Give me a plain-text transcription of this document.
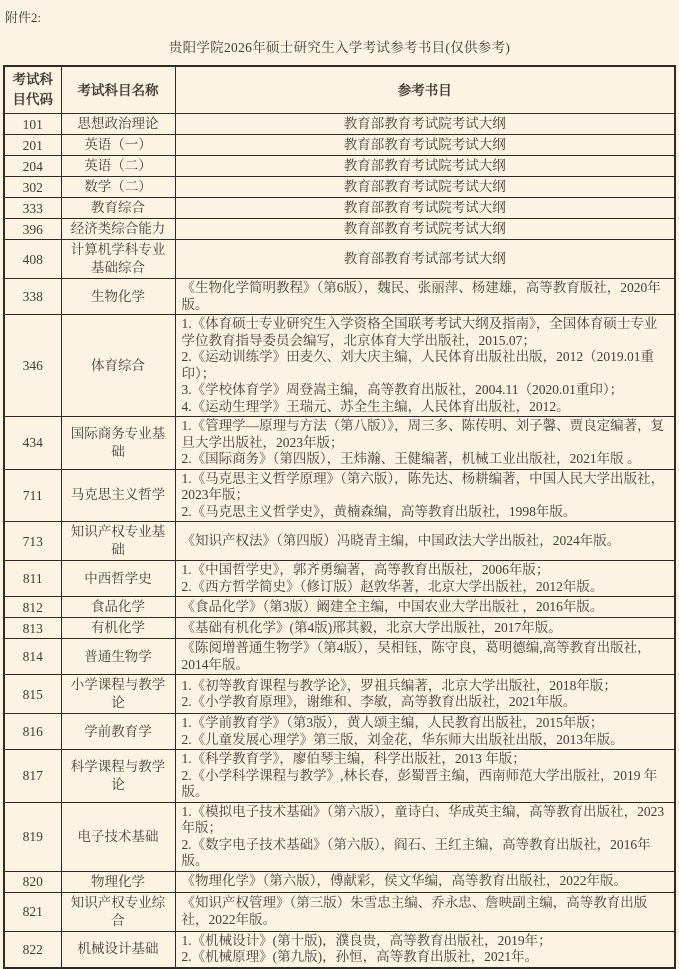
附件2:
贵阳学院2026年硕士研究生入学考试参考书目(仅供参考)
考试科目代码	考试科目名称	参考书目
101	思想政治理论	教育部教育考试院考试大纲

201	英语（一）	教育部教育考试院考试大纲

204	英语（二）	教育部教育考试院考试大纲

302	数学（二）	教育部教育考试院考试大纲

333	教育综合	教育部教育考试院考试大纲

396	经济类综合能力	教育部教育考试院考试大纲

408	计算机学科专业基础综合	教育部教育考试部考试大纲

338	生物化学	《生物化学简明教程》（第6版），魏民、张丽萍、杨建雄，高等教育版社，2020年版。

346	体育综合	1.《体育硕士专业研究生入学资格全国联考考试大纲及指南》，全国体育硕士专业学位教育指导委员会编写，北京体育大学出版社，2015.07；
2.《运动训练学》田麦久、刘大庆主编，人民体育出版社出版，2012（2019.01重印）；
3.《学校体育学》周登嵩主编，高等教育出版社，2004.11（2020.01重印）；
4.《运动生理学》王瑞元、苏全生主编，人民体育出版社，2012。

434	国际商务专业基础	1.《管理学—原理与方法（第八版）》，周三多、陈传明、刘子馨、贾良定编著，复旦大学出版社，2023年版；
2.《国际商务》（第四版），王炜瀚、王健编著，机械工业出版社，2021年版 。

711	马克思主义哲学	1.《马克思主义哲学原理》（第六版），陈先达、杨耕编著，中国人民大学出版社，2023年版；
2.《马克思主义哲学史》，黄楠森编，高等教育出版社，1998年版。

713	知识产权专业基础	《知识产权法》（第四版）冯晓青主编，中国政法大学出版社，2024年版。

811	中西哲学史	1.《中国哲学史》，郭齐勇编著，高等教育出版社，2006年版；
2.《西方哲学简史》（修订版）赵敦华著，北京大学出版社，2012年版。

812	食品化学	《食品化学》（第3版）阚建全主编，中国农业大学出版社 ，2016年版。

813	有机化学	《基础有机化学》(第4版)邢其毅，北京大学出版社，2017年版。

814	普通生物学	《陈阅增普通生物学》（第4版），吴相钰，陈守良，葛明德编,高等教育出版社，2014年版。

815	小学课程与教学论	1.《初等教育课程与教学论》，罗祖兵编著，北京大学出版社，2018年版；
2.《小学教育原理》，谢维和、李敏，高等教育出版社，2021年版。

816	学前教育学	1.《学前教育学》（第3版），黄人颂主编，人民教育出版社，2015年版；
2.《儿童发展心理学》第三版，刘金花，华东师大出版社出版，2013年版。

817	科学课程与教学论	1.《科学教育学》，廖伯琴主编，科学出版社，2013 年版；
2.《小学科学课程与教学》,林长春，彭蜀晋主编，西南师范大学出版社，2019 年版。

819	电子技术基础	1.《模拟电子技术基础》（第六版），童诗白、华成英主编，高等教育出版社，2023年版；
2.《数字电子技术基础》（第六版），阎石、王红主编，高等教育出版社，2016年版。

820	物理化学	《物理化学》（第六版），傅献彩，侯文华编，高等教育出版社，2022年版。

821	知识产权专业综合	《知识产权管理》（第三版）朱雪忠主编、乔永忠、詹映副主编，高等教育出版社，2022年版。

822	机械设计基础	1.《机械设计》(第十版)，濮良贵，高等教育出版社，2019年；
2.《机械原理》(第九版)，孙恒，高等教育出版社，2021年。
